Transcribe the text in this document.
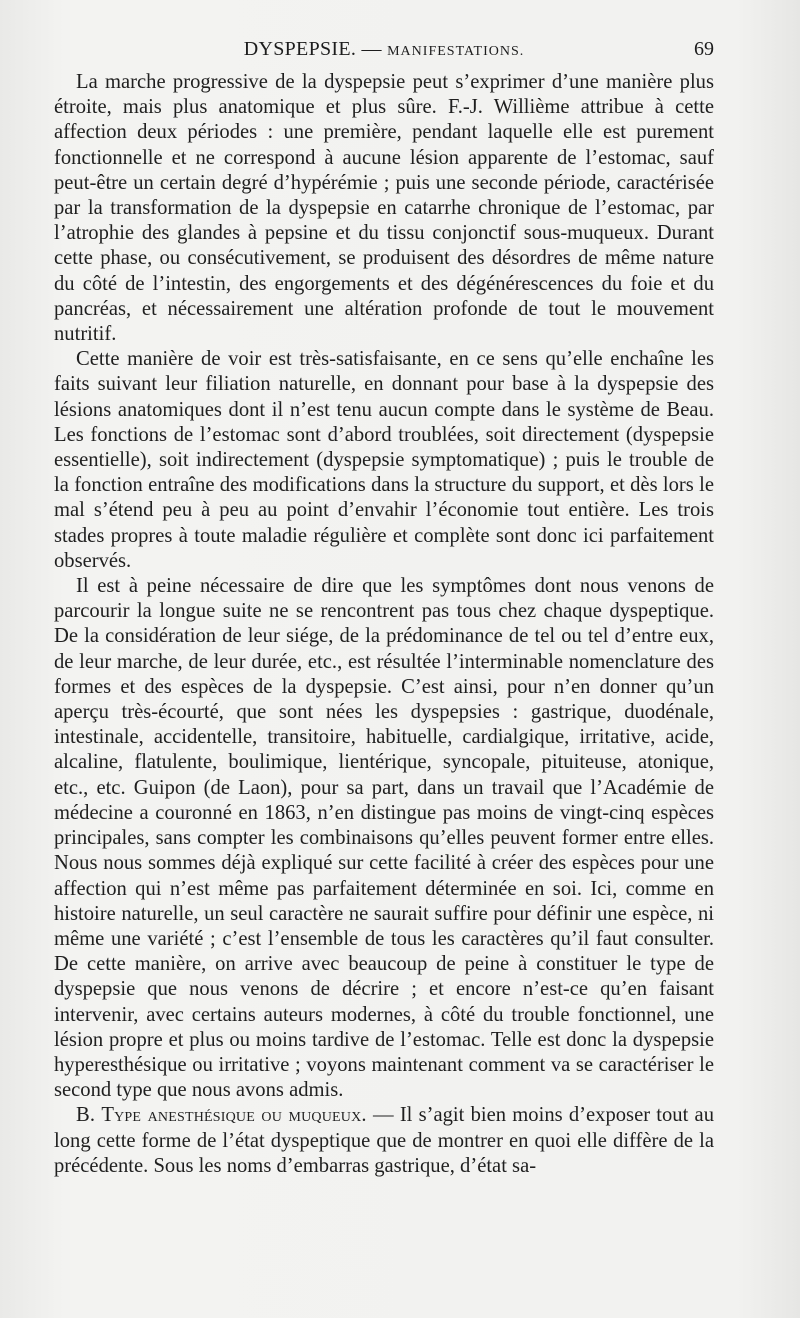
DYSPEPSIE. — MANIFESTATIONS.	69

La marche progressive de la dyspepsie peut s’exprimer d’une manière plus étroite, mais plus anatomique et plus sûre. F.-J. Willième attribue à cette affection deux périodes : une première, pendant laquelle elle est purement fonctionnelle et ne correspond à aucune lésion apparente de l’estomac, sauf peut-être un certain degré d’hypérémie ; puis une seconde période, caractérisée par la transformation de la dyspepsie en catarrhe chronique de l’estomac, par l’atrophie des glandes à pepsine et du tissu conjonctif sous-muqueux. Durant cette phase, ou consécutivement, se produisent des désordres de même nature du côté de l’intestin, des engorgements et des dégénérescences du foie et du pancréas, et nécessairement une altération profonde de tout le mouvement nutritif.

Cette manière de voir est très-satisfaisante, en ce sens qu’elle enchaîne les faits suivant leur filiation naturelle, en donnant pour base à la dyspepsie des lésions anatomiques dont il n’est tenu aucun compte dans le système de Beau. Les fonctions de l’estomac sont d’abord troublées, soit directement (dyspepsie essentielle), soit indirectement (dyspepsie symptomatique) ; puis le trouble de la fonction entraîne des modifications dans la structure du support, et dès lors le mal s’étend peu à peu au point d’envahir l’économie tout entière. Les trois stades propres à toute maladie régulière et complète sont donc ici parfaitement observés.

Il est à peine nécessaire de dire que les symptômes dont nous venons de parcourir la longue suite ne se rencontrent pas tous chez chaque dyspeptique. De la considération de leur siége, de la prédominance de tel ou tel d’entre eux, de leur marche, de leur durée, etc., est résultée l’interminable nomenclature des formes et des espèces de la dyspepsie. C’est ainsi, pour n’en donner qu’un aperçu très-écourté, que sont nées les dyspepsies : gastrique, duodénale, intestinale, accidentelle, transitoire, habituelle, cardialgique, irritative, acide, alcaline, flatulente, boulimique, lientérique, syncopale, pituiteuse, atonique, etc., etc. Guipon (de Laon), pour sa part, dans un travail que l’Académie de médecine a couronné en 1863, n’en distingue pas moins de vingt-cinq espèces principales, sans compter les combinaisons qu’elles peuvent former entre elles. Nous nous sommes déjà expliqué sur cette facilité à créer des espèces pour une affection qui n’est même pas parfaitement déterminée en soi. Ici, comme en histoire naturelle, un seul caractère ne saurait suffire pour définir une espèce, ni même une variété ; c’est l’ensemble de tous les caractères qu’il faut consulter. De cette manière, on arrive avec beaucoup de peine à constituer le type de dyspepsie que nous venons de décrire ; et encore n’est-ce qu’en faisant intervenir, avec certains auteurs modernes, à côté du trouble fonctionnel, une lésion propre et plus ou moins tardive de l’estomac. Telle est donc la dyspepsie hyperesthésique ou irritative ; voyons maintenant comment va se caractériser le second type que nous avons admis.

B. Type anesthésique ou muqueux. — Il s’agit bien moins d’exposer tout au long cette forme de l’état dyspeptique que de montrer en quoi elle diffère de la précédente. Sous les noms d’embarras gastrique, d’état sa-
